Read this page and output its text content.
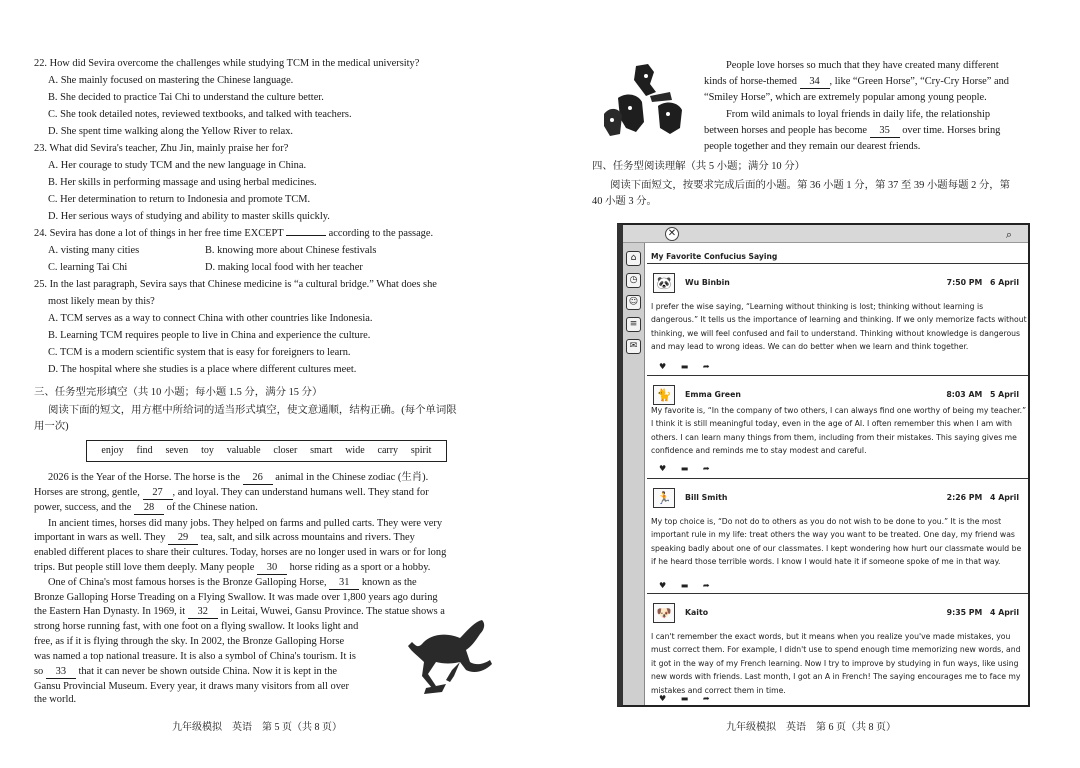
22. How did Sevira overcome the challenges while studying TCM in the medical university?
A. She mainly focused on mastering the Chinese language.
B. She decided to practice Tai Chi to understand the culture better.
C. She took detailed notes, reviewed textbooks, and talked with teachers.
D. She spent time walking along the Yellow River to relax.
23. What did Sevira's teacher, Zhu Jin, mainly praise her for?
A. Her courage to study TCM and the new language in China.
B. Her skills in performing massage and using herbal medicines.
C. Her determination to return to Indonesia and promote TCM.
D. Her serious ways of studying and ability to master skills quickly.
24. Sevira has done a lot of things in her free time EXCEPT	according to the passage.
A. visting many cities	B. knowing more about Chinese festivals
C. learning Tai Chi	D. making local food with her teacher
25. In the last paragraph, Sevira says that Chinese medicine is “a cultural bridge.” What does she
most likely mean by this?
A. TCM serves as a way to connect China with other countries like Indonesia.
B. Learning TCM requires people to live in China and experience the culture.
C. TCM is a modern scientific system that is easy for foreigners to learn.
D. The hospital where she studies is a place where different cultures meet.
三、任务型完形填空（共 10 小题；每小题 1.5 分，满分 15 分）
阅读下面的短文，用方框中所给词的适当形式填空，使文意通顺，结构正确。(每个单词限
用一次)
enjoy find seven toy valuable closer smart wide carry spirit
2026 is the Year of the Horse. The horse is the 26 animal in the Chinese zodiac (生肖).
Horses are strong, gentle, 27 , and loyal. They can understand humans well. They stand for
power, success, and the 28 of the Chinese nation.
In ancient times, horses did many jobs. They helped on farms and pulled carts. They were very
important in wars as well. They 29 tea, salt, and silk across mountains and rivers. They
enabled different places to share their cultures. Today, horses are no longer used in wars or for long
trips. But people still love them deeply. Many people 30 horse riding as a sport or a hobby.
One of China's most famous horses is the Bronze Galloping Horse, 31 known as the
Bronze Galloping Horse Treading on a Flying Swallow. It was made over 1,800 years ago during
the Eastern Han Dynasty. In 1969, it 32 in Leitai, Wuwei, Gansu Province. The statue shows a
strong horse running fast, with one foot on a flying swallow. It looks light and
free, as if it is flying through the sky. In 2002, the Bronze Galloping Horse
was named a top national treasure. It is also a symbol of China's tourism. It is
so 33 that it can never be shown outside China. Now it is kept in the
Gansu Provincial Museum. Every year, it draws many visitors from all over
the world.
九年级模拟　英语　第 5 页（共 8 页）
People love horses so much that they have created many different
kinds of horse-themed 34 , like “Green Horse”, “Cry-Cry Horse” and
“Smiley Horse”, which are extremely popular among young people.
From wild animals to loyal friends in daily life, the relationship
between horses and people has become 35 over time. Horses bring
people together and they remain our dearest friends.
四、任务型阅读理解（共 5 小题；满分 10 分）
阅读下面短文，按要求完成后面的小题。第 36 小题 1 分，第 37 至 39 小题每题 2 分，第
40 小题 3 分。
九年级模拟　英语　第 6 页（共 8 页）
✕	⌕
⌂
◷
☺
≡
✉
My Favorite Confucius Saying
🐼	Wu Binbin	7:50 PM　6 April
I prefer the wise saying, “Learning without thinking is lost; thinking without learning is dangerous.” It tells us the importance of learning and thinking. If we only memorize facts without thinking, we will feel confused and fail to understand. Thinking without knowledge is dangerous and may lead to wrong ideas. We can do better when we learn and think together.
♥ ▬ ➦
🐈	Emma Green	8:03 AM　5 April
My favorite is, “In the company of two others, I can always find one worthy of being my teacher.” I think it is still meaningful today, even in the age of AI. I often remember this when I am with others. I can learn many things from them, including from their mistakes. This saying gives me confidence and reminds me to stay modest and careful.
♥ ▬ ➦
🏃	Bill Smith	2:26 PM　4 April
My top choice is, “Do not do to others as you do not wish to be done to you.” It is the most important rule in my life: treat others the way you want to be treated. One day, my friend was speaking badly about one of our classmates. I kept wondering how hurt our classmate would be if he heard those terrible words. I know I would hate it if someone spoke of me in that way.
♥ ▬ ➦
🐶	Kaito	9:35 PM　4 April
I can't remember the exact words, but it means when you realize you've made mistakes, you must correct them. For example, I didn't use to spend enough time memorizing new words, and it got in the way of my French learning. Now I try to improve by studying in fun ways, like using new words with friends. Last month, I got an A in French! The saying encourages me to face my mistakes and correct them in time.
♥ ▬ ➦
